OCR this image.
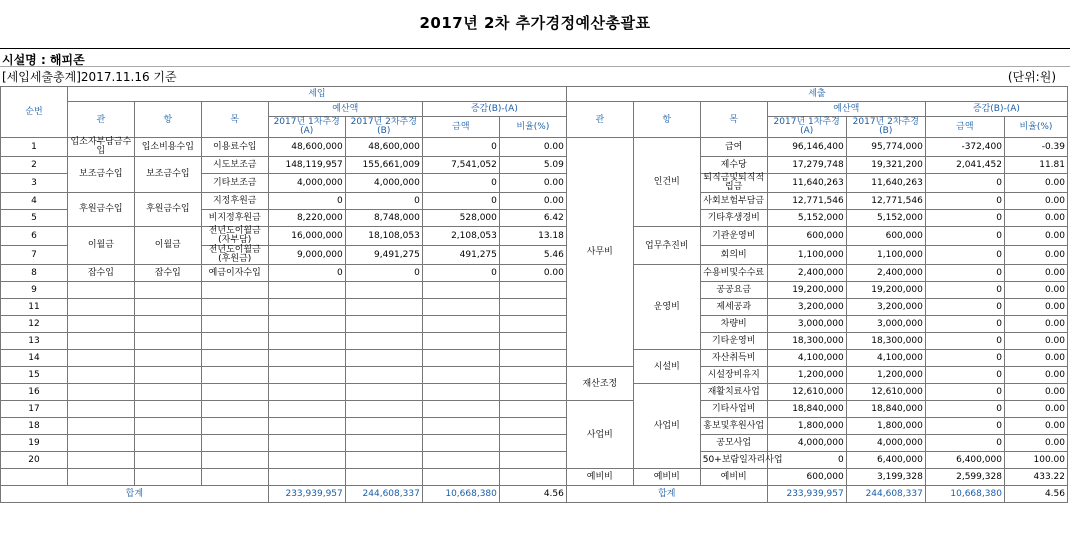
2017년 2차 추가경정예산총괄표
시설명 : 해피존
[세입세출총계]2017.11.16 기준	(단위:원)
순번	세입							세출						
	관	항	목	예산액		증감(B)-(A)		관	항	목	예산액		증감(B)-(A)	
				2017년 1차추경(A)	2017년 2차추경(B)	금액	비율(%)				2017년 1차추경(A)	2017년 2차추경(B)	금액	비율(%)
1	입소자부담금수입	입소비용수입	이용료수입	48,600,000	48,600,000	0	0.00	사무비	인건비	급여	96,146,400	95,774,000	-372,400	-0.39
2	보조금수입	보조금수입	시도보조금	148,119,957	155,661,009	7,541,052	5.09			제수당	17,279,748	19,321,200	2,041,452	11.81
3			기타보조금	4,000,000	4,000,000	0	0.00			퇴직금및퇴직적립금	11,640,263	11,640,263	0	0.00
4	후원금수입	후원금수입	지정후원금	0	0	0	0.00			사회보험부담금	12,771,546	12,771,546	0	0.00
5			비지정후원금	8,220,000	8,748,000	528,000	6.42			기타후생경비	5,152,000	5,152,000	0	0.00
6	이월금	이월금	전년도이월금(자부담)	16,000,000	18,108,053	2,108,053	13.18		업무추진비	기관운영비	600,000	600,000	0	0.00
7			전년도이월금(후원금)	9,000,000	9,491,275	491,275	5.46			회의비	1,100,000	1,100,000	0	0.00
8	잡수입	잡수입	예금이자수입	0	0	0	0.00		운영비	수용비및수수료	2,400,000	2,400,000	0	0.00
9										공공요금	19,200,000	19,200,000	0	0.00
11										제세공과	3,200,000	3,200,000	0	0.00
12										차량비	3,000,000	3,000,000	0	0.00
13										기타운영비	18,300,000	18,300,000	0	0.00
14									시설비	자산취득비	4,100,000	4,100,000	0	0.00
15								재산조정		시설장비유지	1,200,000	1,200,000	0	0.00
16									사업비	재활치료사업	12,610,000	12,610,000	0	0.00
17								사업비		기타사업비	18,840,000	18,840,000	0	0.00
18										홍보및후원사업	1,800,000	1,800,000	0	0.00
19										공모사업	4,000,000	4,000,000	0	0.00
20										50+보람일자리사업	0	6,400,000	6,400,000	100.00
								예비비	예비비	예비비	600,000	3,199,328	2,599,328	433.22
합계				233,939,957	244,608,337	10,668,380	4.56	합계			233,939,957	244,608,337	10,668,380	4.56
